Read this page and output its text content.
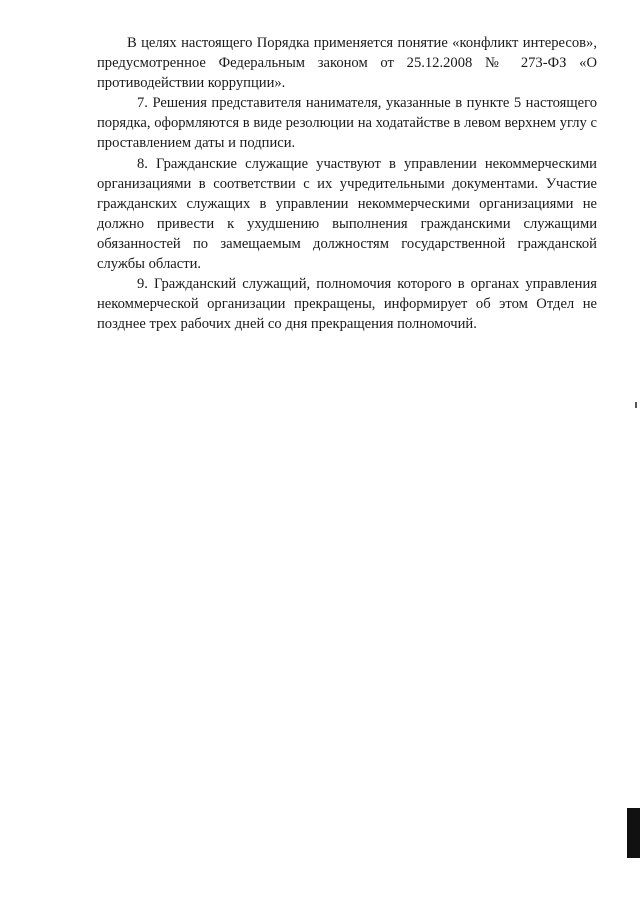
В целях настоящего Порядка применяется понятие «конфликт интересов», предусмотренное Федеральным законом от 25.12.2008 № 273-ФЗ «О противодействии коррупции».

7. Решения представителя нанимателя, указанные в пункте 5 настоящего порядка, оформляются в виде резолюции на ходатайстве в левом верхнем углу с проставлением даты и подписи.

8. Гражданские служащие участвуют в управлении некоммерческими организациями в соответствии с их учредительными документами. Участие гражданских служащих в управлении некоммерческими организациями не должно привести к ухудшению выполнения гражданскими служащими обязанностей по замещаемым должностям государственной гражданской службы области.

9. Гражданский служащий, полномочия которого в органах управления некоммерческой организации прекращены, информирует об этом Отдел не позднее трех рабочих дней со дня прекращения полномочий.
